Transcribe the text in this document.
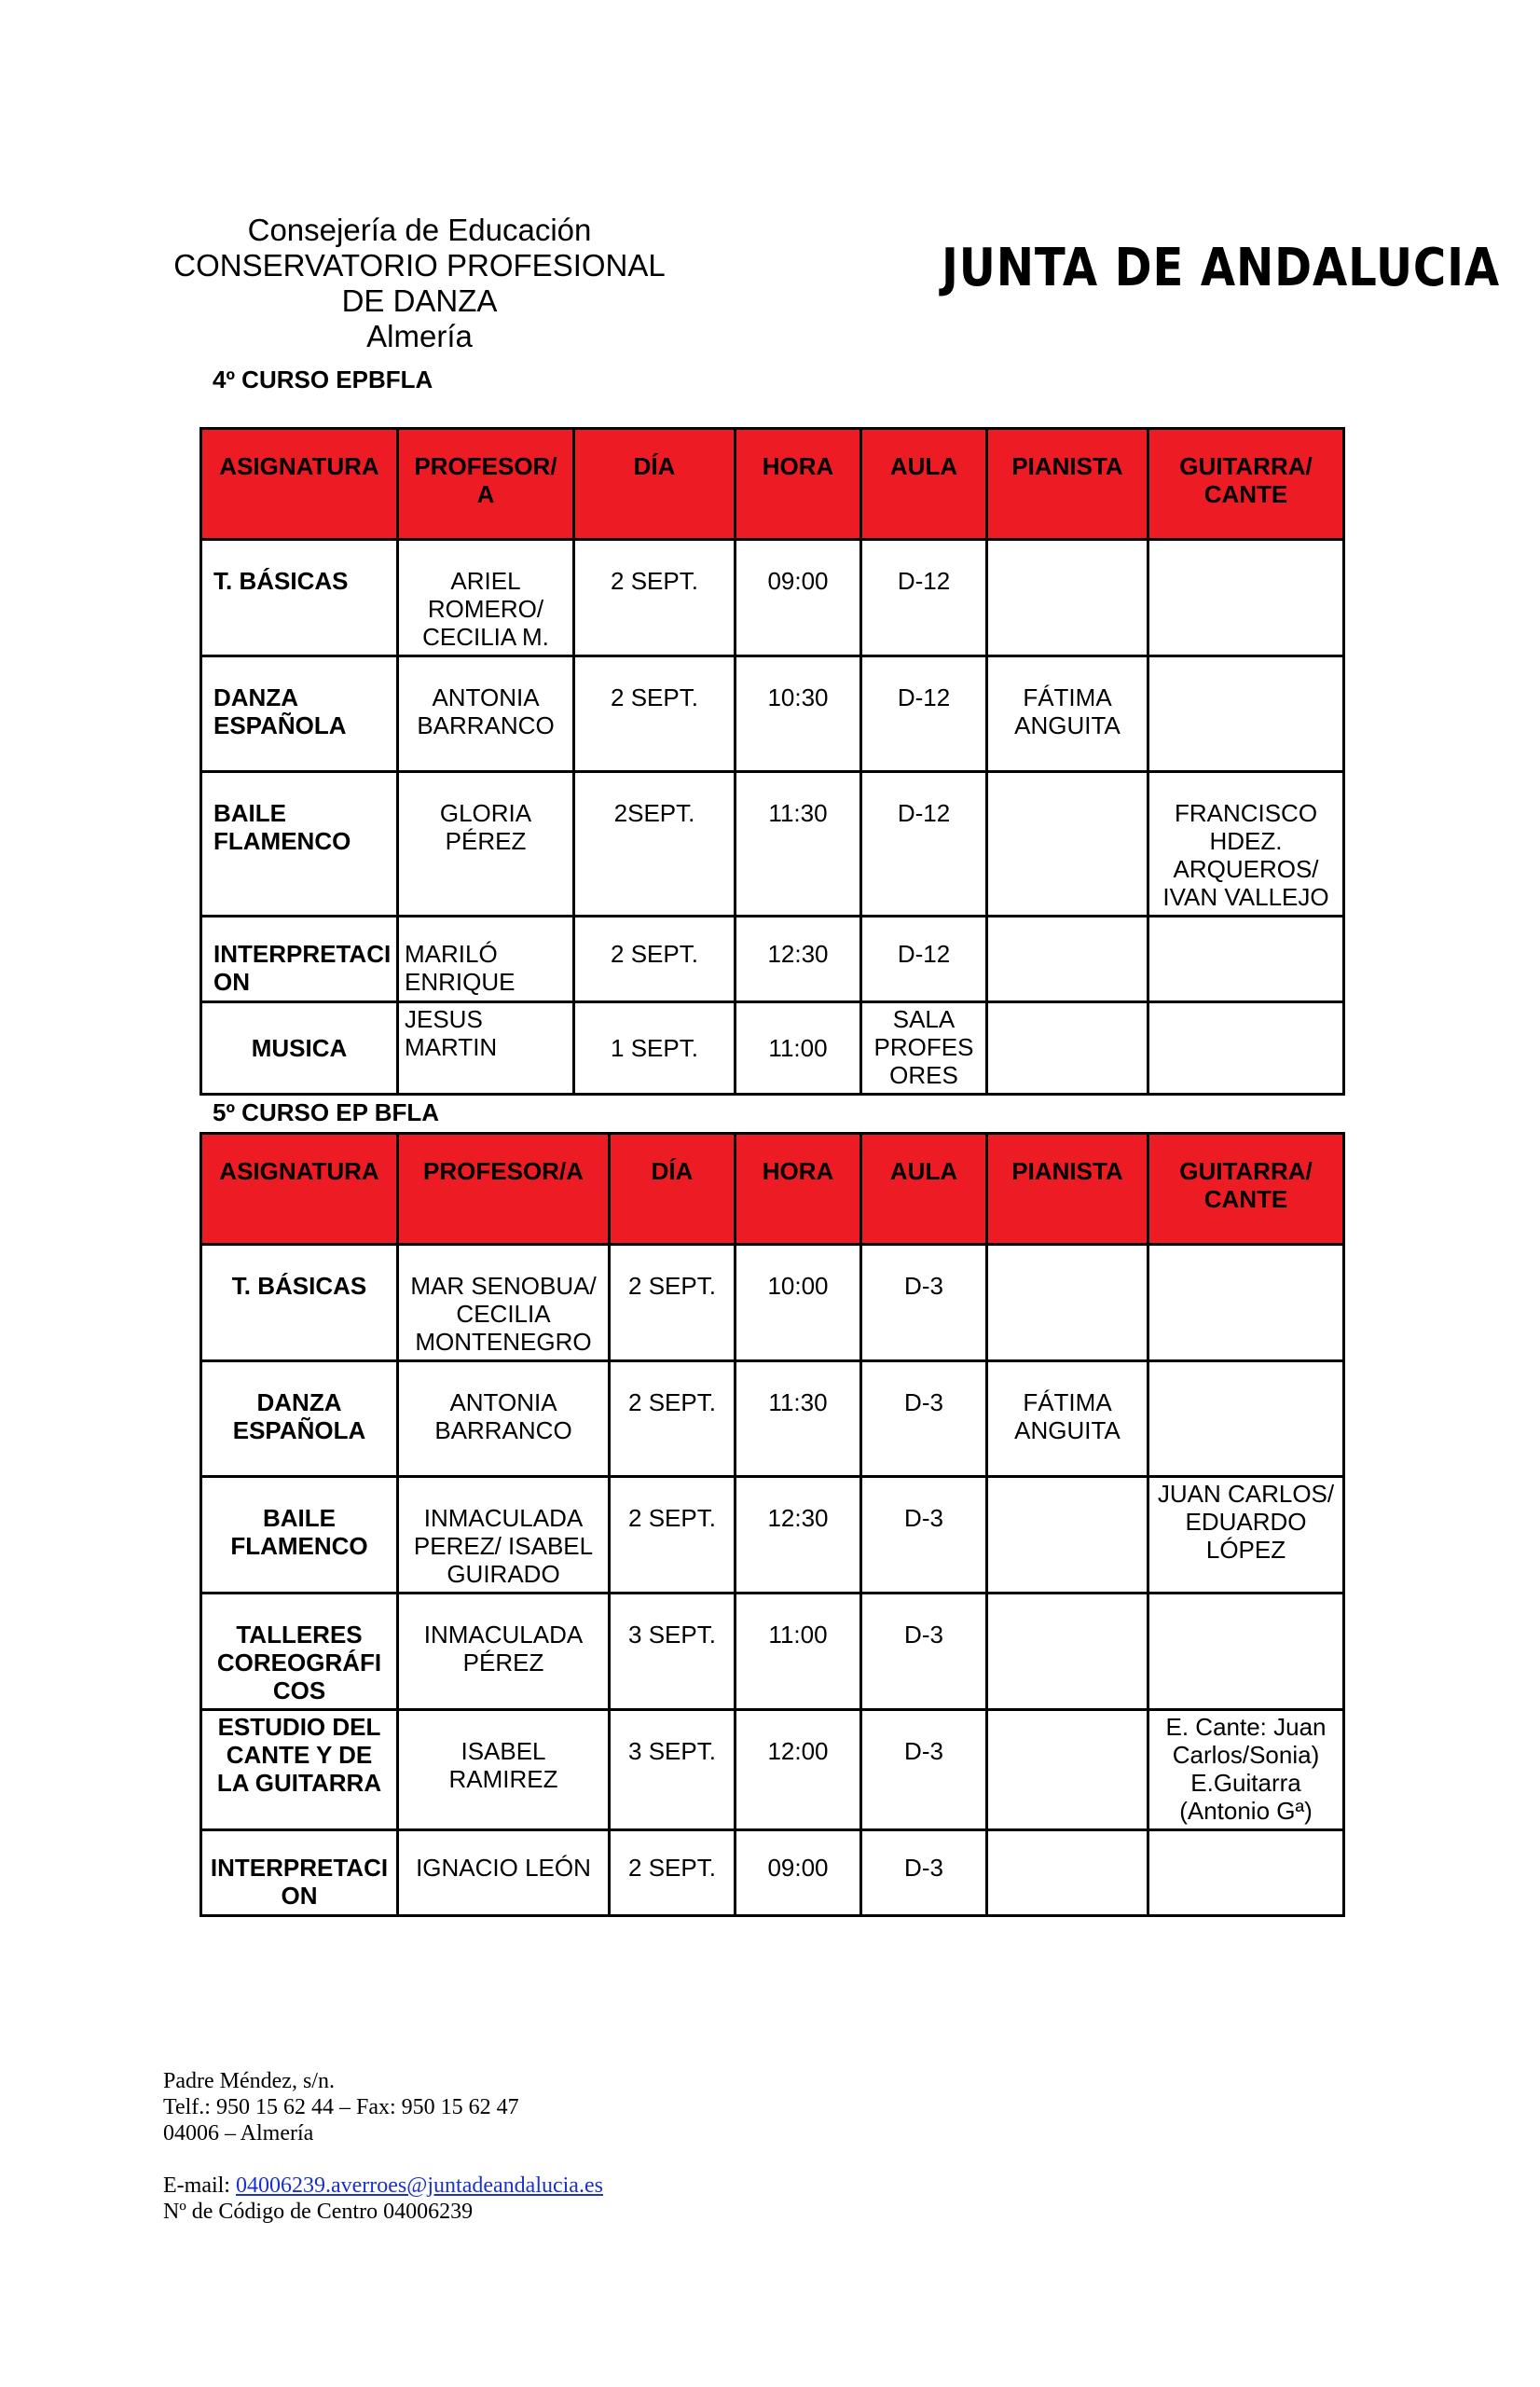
Consejería de Educación
CONSERVATORIO PROFESIONAL
DE DANZA
Almería
JUNTA DE ANDALUCIA
4º CURSO EPBFLA
ASIGNATURA	PROFESOR/ A	DÍA	HORA	AULA	PIANISTA	GUITARRA/ CANTE
T. BÁSICAS	ARIEL ROMERO/ CECILIA M.	2 SEPT.	09:00	D-12		
DANZA ESPAÑOLA	ANTONIA BARRANCO	2 SEPT.	10:30	D-12	FÁTIMA ANGUITA	
BAILE FLAMENCO	GLORIA PÉREZ	2SEPT.	11:30	D-12		FRANCISCO HDEZ. ARQUEROS/ IVAN VALLEJO
INTERPRETACI ON	MARILÓ ENRIQUE	2 SEPT.	12:30	D-12		
MUSICA	JESUS MARTIN	1 SEPT.	11:00	SALA PROFES ORES		
5º CURSO EP BFLA
ASIGNATURA	PROFESOR/A	DÍA	HORA	AULA	PIANISTA	GUITARRA/ CANTE
T. BÁSICAS	MAR SENOBUA/ CECILIA MONTENEGRO	2 SEPT.	10:00	D-3		
DANZA ESPAÑOLA	ANTONIA BARRANCO	2 SEPT.	11:30	D-3	FÁTIMA ANGUITA	
BAILE FLAMENCO	INMACULADA PEREZ/ ISABEL GUIRADO	2 SEPT.	12:30	D-3		JUAN CARLOS/ EDUARDO LÓPEZ
TALLERES COREOGRÁFI COS	INMACULADA PÉREZ	3 SEPT.	11:00	D-3		
ESTUDIO DEL CANTE Y DE LA GUITARRA	ISABEL RAMIREZ	3 SEPT.	12:00	D-3		E. Cante: Juan Carlos/Sonia) E.Guitarra (Antonio Gª)
INTERPRETACI ON	IGNACIO LEÓN	2 SEPT.	09:00	D-3		
Padre Méndez, s/n.
Telf.: 950 15 62 44 – Fax: 950 15 62 47
04006 – Almería
E-mail: 04006239.averroes@juntadeandalucia.es
Nº de Código de Centro 04006239
